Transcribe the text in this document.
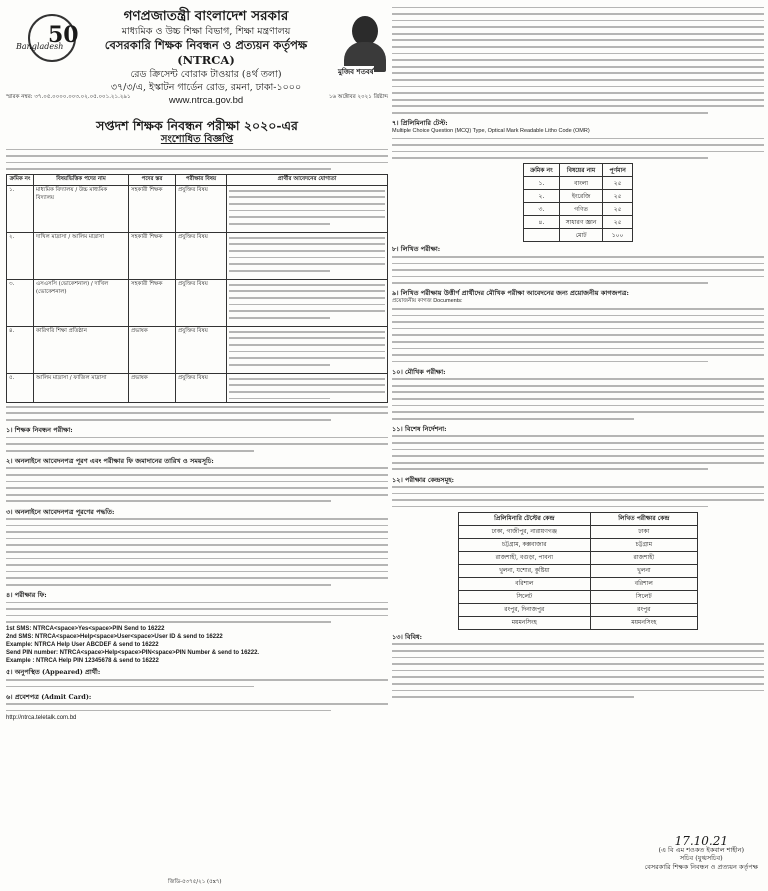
Bangladesh
50
গণপ্রজাতন্ত্রী বাংলাদেশ সরকার
মাধ্যমিক ও উচ্চ শিক্ষা বিভাগ, শিক্ষা মন্ত্রণালয়
বেসরকারি শিক্ষক নিবন্ধন ও প্রত্যয়ন কর্তৃপক্ষ (NTRCA)
রেড ক্রিসেন্ট বোরাক টাওয়ার (৪র্থ তলা)
৩৭/৩/এ, ইস্কাটন গার্ডেন রোড, রমনা, ঢাকা-১০০০
www.ntrca.gov.bd
মুজিব শতবর্ষ
স্মারক নম্বর: ৩৭.০৫.০০০০.০০৩.০২.০৫.০০১.২১.২৯১	১৬ অক্টোবর ২০২১ খ্রিষ্টাব্দ
সপ্তদশ শিক্ষক নিবন্ধন পরীক্ষা ২০২০-এর
সংশোধিত বিজ্ঞপ্তি
ক্রমিক নং	বিষয়ভিত্তিক পদের নাম	পদের স্তর	পরীক্ষার বিষয়	প্রার্থীর আবেদনের যোগ্যতা
১.	মাধ্যমিক বিদ্যালয় / উচ্চ মাধ্যমিক বিদ্যালয়	সহকারী শিক্ষক	প্রযুক্তির বিষয়	

২.	দাখিল মাদ্রাসা / আলিম মাদ্রাসা	সহকারী শিক্ষক	প্রযুক্তির বিষয়	

৩.	এসএসসি (ভোকেশনাল) / দাখিল (ভোকেশনাল)	সহকারী শিক্ষক	প্রযুক্তির বিষয়	

৪.	কারিগরি শিক্ষা প্রতিষ্ঠান	প্রভাষক	প্রযুক্তির বিষয়	

৫.	আলিম মাদ্রাসা / ফাজিল মাদ্রাসা	প্রভাষক	প্রযুক্তির বিষয়	
১। শিক্ষক নিবন্ধন পরীক্ষা:
২। অনলাইনে আবেদনপত্র পূরণ এবং পরীক্ষার ফি জমাদানের তারিখ ও সময়সূচি:
৩। অনলাইনে আবেদনপত্র পূরণের পদ্ধতি:
৪। পরীক্ষার ফি:
1st SMS: NTRCA<space>Yes<space>PIN Send to 16222
2nd SMS: NTRCA<space>Help<space>User<space>User ID & send to 16222
Example: NTRCA Help User ABCDEF & send to 16222
Send PIN number: NTRCA<space>Help<space>PIN<space>PIN Number & send to 16222.
Example : NTRCA Help PIN 12345678 & send to 16222
৫। অনুপস্থিত (Appeared) প্রার্থী:
৬। প্রবেশপত্র (Admit Card):
http://ntrca.teletalk.com.bd
৭। প্রিলিমিনারি টেস্ট:
Multiple Choice Question (MCQ) Type, Optical Mark Readable Litho Code (OMR)
ক্রমিক নং	বিষয়ের নাম	পূর্ণমান
১.	বাংলা	২৫
২.	ইংরেজি	২৫
৩.	গণিত	২৫
৪.	সাধারণ জ্ঞান	২৫
	মোট	১০০
৮। লিখিত পরীক্ষা:
৯। লিখিত পরীক্ষায় উত্তীর্ণ প্রার্থীদের মৌখিক পরীক্ষা আবেদনের জন্য প্রয়োজনীয় কাগজপত্র:
প্রয়োজনীয় কাগজ Documents:
১০। মৌখিক পরীক্ষা:
১১। বিশেষ নির্দেশনা:
১২। পরীক্ষার কেন্দ্রসমূহ:
প্রিলিমিনারি টেস্টের কেন্দ্র	লিখিত পরীক্ষার কেন্দ্র
ঢাকা, গাজীপুর, নারায়ণগঞ্জ	ঢাকা
চট্টগ্রাম, কক্সবাজার	চট্টগ্রাম
রাজশাহী, বগুড়া, পাবনা	রাজশাহী
খুলনা, যশোর, কুষ্টিয়া	খুলনা
বরিশাল	বরিশাল
সিলেট	সিলেট
রংপুর, দিনাজপুর	রংপুর
ময়মনসিংহ	ময়মনসিংহ
১৩। বিবিধ:
17.10.21
(এ বি এম শওকত ইকবাল শাহীন)
সচিব (যুগ্মসচিব)
বেসরকারি শিক্ষক নিবন্ধন ও প্রত্যয়ন কর্তৃপক্ষ
জিডি-৫৩৭৫/২১ (৫x৭)
